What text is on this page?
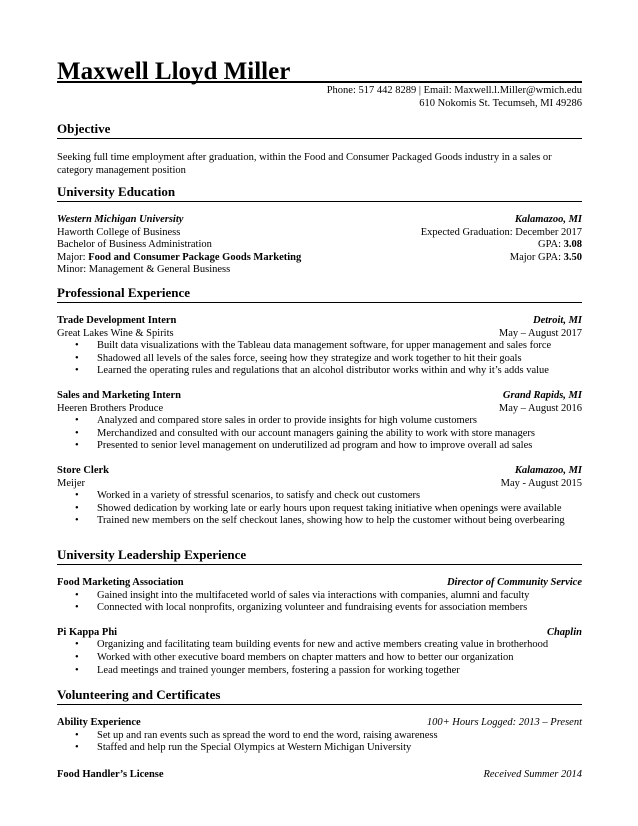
Maxwell Lloyd Miller
Phone: 517 442 8289 | Email: Maxwell.l.Miller@wmich.edu
610 Nokomis St. Tecumseh, MI 49286
Objective
Seeking full time employment after graduation, within the Food and Consumer Packaged Goods industry in a sales or
category management position
University Education
Western Michigan University	Kalamazoo, MI
Haworth College of Business	Expected Graduation: December 2017
Bachelor of Business Administration	GPA: 3.08
Major: Food and Consumer Package Goods Marketing	Major GPA: 3.50
Minor: Management & General Business
Professional Experience
Trade Development Intern	Detroit, MI
Great Lakes Wine & Spirits	May – August 2017
• Built data visualizations with the Tableau data management software, for upper management and sales force
• Shadowed all levels of the sales force, seeing how they strategize and work together to hit their goals
• Learned the operating rules and regulations that an alcohol distributor works within and why it’s adds value
Sales and Marketing Intern	Grand Rapids, MI
Heeren Brothers Produce	May – August 2016
• Analyzed and compared store sales in order to provide insights for high volume customers
• Merchandized and consulted with our account managers gaining the ability to work with store managers
• Presented to senior level management on underutilized ad program and how to improve overall ad sales
Store Clerk	Kalamazoo, MI
Meijer	May - August 2015
• Worked in a variety of stressful scenarios, to satisfy and check out customers
• Showed dedication by working late or early hours upon request taking initiative when openings were available
• Trained new members on the self checkout lanes, showing how to help the customer without being overbearing
University Leadership Experience
Food Marketing Association	Director of Community Service
• Gained insight into the multifaceted world of sales via interactions with companies, alumni and faculty
• Connected with local nonprofits, organizing volunteer and fundraising events for association members
Pi Kappa Phi	Chaplin
• Organizing and facilitating team building events for new and active members creating value in brotherhood
• Worked with other executive board members on chapter matters and how to better our organization
• Lead meetings and trained younger members, fostering a passion for working together
Volunteering and Certificates
Ability Experience	100+ Hours Logged: 2013 – Present
• Set up and ran events such as spread the word to end the word, raising awareness
• Staffed and help run the Special Olympics at Western Michigan University
Food Handler’s License	Received Summer 2014
